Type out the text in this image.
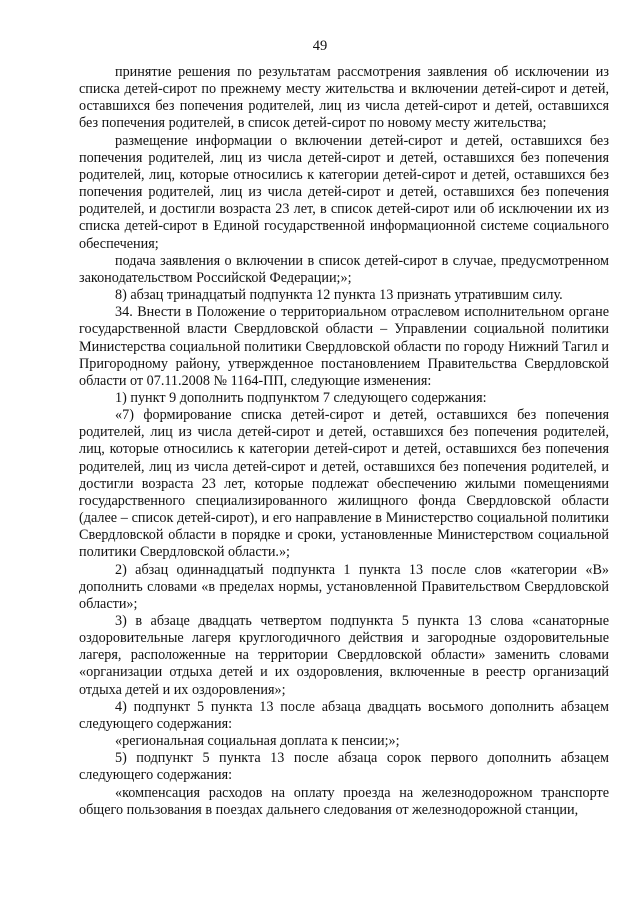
49

принятие решения по результатам рассмотрения заявления об исключении из списка детей-сирот по прежнему месту жительства и включении детей-сирот и детей, оставшихся без попечения родителей, лиц из числа детей-сирот и детей, оставшихся без попечения родителей, в список детей-сирот по новому месту жительства;

размещение информации о включении детей-сирот и детей, оставшихся без попечения родителей, лиц из числа детей-сирот и детей, оставшихся без попечения родителей, лиц, которые относились к категории детей-сирот и детей, оставшихся без попечения родителей, лиц из числа детей-сирот и детей, оставшихся без попечения родителей, и достигли возраста 23 лет, в список детей-сирот или об исключении их из списка детей-сирот в Единой государственной информационной системе социального обеспечения;

подача заявления о включении в список детей-сирот в случае, предусмотренном законодательством Российской Федерации;»;

8) абзац тринадцатый подпункта 12 пункта 13 признать утратившим силу.

34. Внести в Положение о территориальном отраслевом исполнительном органе государственной власти Свердловской области – Управлении социальной политики Министерства социальной политики Свердловской области по городу Нижний Тагил и Пригородному району, утвержденное постановлением Правительства Свердловской области от 07.11.2008 № 1164-ПП, следующие изменения:

1) пункт 9 дополнить подпунктом 7 следующего содержания:

«7) формирование списка детей-сирот и детей, оставшихся без попечения родителей, лиц из числа детей-сирот и детей, оставшихся без попечения родителей, лиц, которые относились к категории детей-сирот и детей, оставшихся без попечения родителей, лиц из числа детей-сирот и детей, оставшихся без попечения родителей, и достигли возраста 23 лет, которые подлежат обеспечению жилыми помещениями государственного специализированного жилищного фонда Свердловской области (далее – список детей-сирот), и его направление в Министерство социальной политики Свердловской области в порядке и сроки, установленные Министерством социальной политики Свердловской области.»;

2) абзац одиннадцатый подпункта 1 пункта 13 после слов «категории «В» дополнить словами «в пределах нормы, установленной Правительством Свердловской области»;

3) в абзаце двадцать четвертом подпункта 5 пункта 13 слова «санаторные оздоровительные лагеря круглогодичного действия и загородные оздоровительные лагеря, расположенные на территории Свердловской области» заменить словами «организации отдыха детей и их оздоровления, включенные в реестр организаций отдыха детей и их оздоровления»;

4) подпункт 5 пункта 13 после абзаца двадцать восьмого дополнить абзацем следующего содержания:

«региональная социальная доплата к пенсии;»;

5) подпункт 5 пункта 13 после абзаца сорок первого дополнить абзацем следующего содержания:

«компенсация расходов на оплату проезда на железнодорожном транспорте общего пользования в поездах дальнего следования от железнодорожной станции,
